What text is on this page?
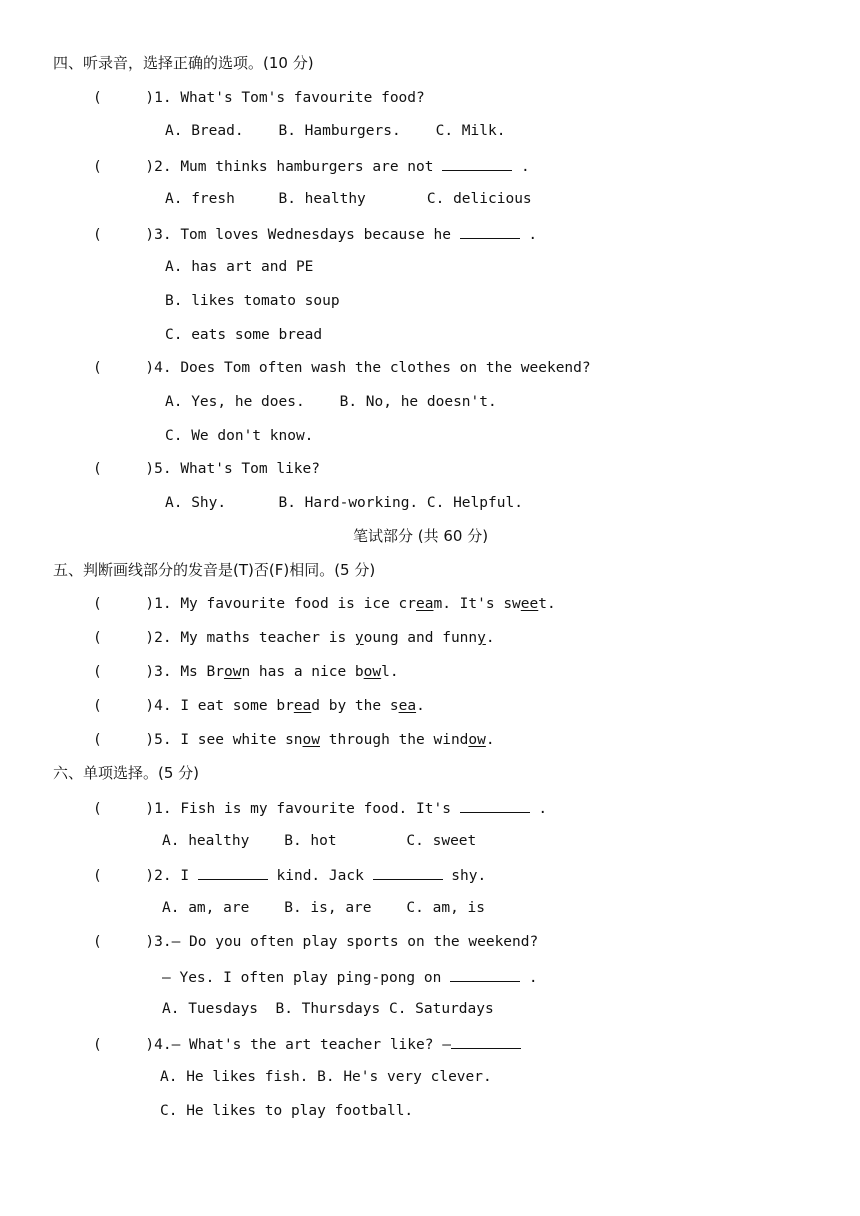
四、听录音，选择正确的选项。(10 分)
(     )1. What's Tom's favourite food?
A. Bread.    B. Hamburgers.    C. Milk.
(     )2. Mum thinks hamburgers are not	.
A. fresh     B. healthy       C. delicious
(     )3. Tom loves Wednesdays because he	.
A. has art and PE
B. likes tomato soup
C. eats some bread
(     )4. Does Tom often wash the clothes on the weekend?
A. Yes, he does.    B. No, he doesn't.
C. We don't know.
(     )5. What's Tom like?
A. Shy.      B. Hard-working. C. Helpful.
笔试部分 (共 60 分)
五、判断画线部分的发音是(T)否(F)相同。(5 分)
(     )1. My favourite food is ice cream. It's sweet.
(     )2. My maths teacher is young and funny.
(     )3. Ms Brown has a nice bowl.
(     )4. I eat some bread by the sea.
(     )5. I see white snow through the window.
六、单项选择。(5 分)
(     )1. Fish is my favourite food. It's	.
A. healthy    B. hot        C. sweet
(     )2. I	kind. Jack	shy.
A. am, are    B. is, are    C. am, is
(     )3.— Do you often play sports on the weekend?
— Yes. I often play ping-pong on	.
A. Tuesdays  B. Thursdays C. Saturdays
(     )4.— What's the art teacher like? —
A. He likes fish. B. He's very clever.
C. He likes to play football.
